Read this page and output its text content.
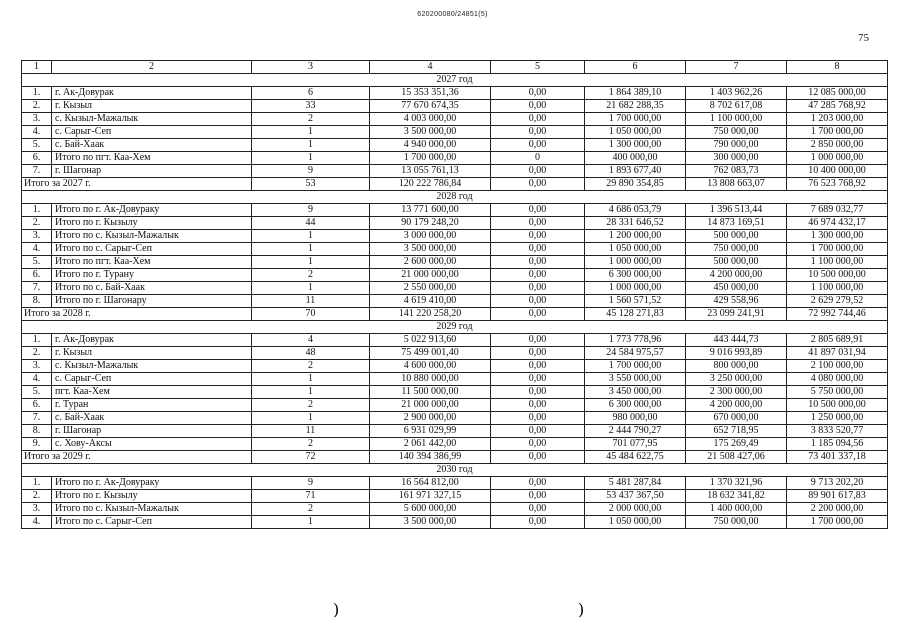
620200080/24851(5)
75
1	2	3	4	5	6	7	8
2027 год							
1.	г. Ак-Довурак	6	15 353 351,36	0,00	1 864 389,10	1 403 962,26	12 085 000,00
2.	г. Кызыл	33	77 670 674,35	0,00	21 682 288,35	8 702 617,08	47 285 768,92
3.	с. Кызыл-Мажалык	2	4 003 000,00	0,00	1 700 000,00	1 100 000,00	1 203 000,00
4.	с. Сарыг-Сеп	1	3 500 000,00	0,00	1 050 000,00	750 000,00	1 700 000,00
5.	с. Бай-Хаак	1	4 940 000,00	0,00	1 300 000,00	790 000,00	2 850 000,00
6.	Итого по пгт. Каа-Хем	1	1 700 000,00	0	400 000,00	300 000,00	1 000 000,00
7.	г. Шагонар	9	13 055 761,13	0,00	1 893 677,40	762 083,73	10 400 000,00
Итого за 2027 г.		53	120 222 786,84	0,00	29 890 354,85	13 808 663,07	76 523 768,92
2028 год							
1.	Итого по г. Ак-Довураку	9	13 771 600,00	0,00	4 686 053,79	1 396 513,44	7 689 032,77
2.	Итого по г. Кызылу	44	90 179 248,20	0,00	28 331 646,52	14 873 169,51	46 974 432,17
3.	Итого по с. Кызыл-Мажалык	1	3 000 000,00	0,00	1 200 000,00	500 000,00	1 300 000,00
4.	Итого по с. Сарыг-Сеп	1	3 500 000,00	0,00	1 050 000,00	750 000,00	1 700 000,00
5.	Итого по пгт. Каа-Хем	1	2 600 000,00	0,00	1 000 000,00	500 000,00	1 100 000,00
6.	Итого по г. Турану	2	21 000 000,00	0,00	6 300 000,00	4 200 000,00	10 500 000,00
7.	Итого по с. Бай-Хаак	1	2 550 000,00	0,00	1 000 000,00	450 000,00	1 100 000,00
8.	Итого по г. Шагонару	11	4 619 410,00	0,00	1 560 571,52	429 558,96	2 629 279,52
Итого за 2028 г.		70	141 220 258,20	0,00	45 128 271,83	23 099 241,91	72 992 744,46
2029 год							
1.	г. Ак-Довурак	4	5 022 913,60	0,00	1 773 778,96	443 444,73	2 805 689,91
2.	г. Кызыл	48	75 499 001,40	0,00	24 584 975,57	9 016 993,89	41 897 031,94
3.	с. Кызыл-Мажалык	2	4 600 000,00	0,00	1 700 000,00	800 000,00	2 100 000,00
4.	с. Сарыг-Сеп	1	10 880 000,00	0,00	3 550 000,00	3 250 000,00	4 080 000,00
5.	пгт. Каа-Хем	1	11 500 000,00	0,00	3 450 000,00	2 300 000,00	5 750 000,00
6.	г. Туран	2	21 000 000,00	0,00	6 300 000,00	4 200 000,00	10 500 000,00
7.	с. Бай-Хаак	1	2 900 000,00	0,00	980 000,00	670 000,00	1 250 000,00
8.	г. Шагонар	11	6 931 029,99	0,00	2 444 790,27	652 718,95	3 833 520,77
9.	с. Хову-Аксы	2	2 061 442,00	0,00	701 077,95	175 269,49	1 185 094,56
Итого за 2029 г.		72	140 394 386,99	0,00	45 484 622,75	21 508 427,06	73 401 337,18
2030 год							
1.	Итого по г. Ак-Довураку	9	16 564 812,00	0,00	5 481 287,84	1 370 321,96	9 713 202,20
2.	Итого по г. Кызылу	71	161 971 327,15	0,00	53 437 367,50	18 632 341,82	89 901 617,83
3.	Итого по с. Кызыл-Мажалык	2	5 600 000,00	0,00	2 000 000,00	1 400 000,00	2 200 000,00
4.	Итого по с. Сарыг-Сеп	1	3 500 000,00	0,00	1 050 000,00	750 000,00	1 700 000,00
)	)
